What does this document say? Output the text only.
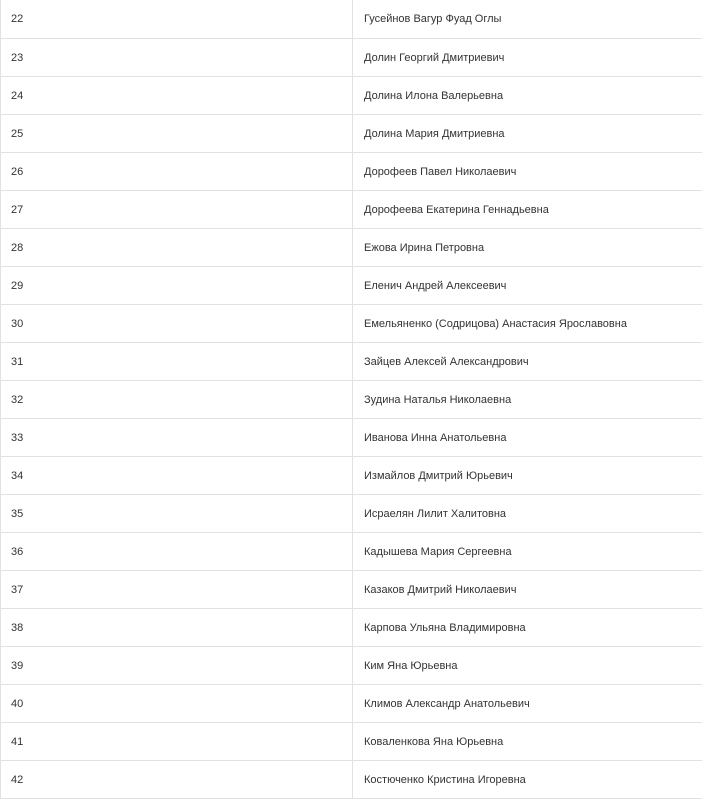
22	Гусейнов Вагур Фуад Оглы
23	Долин Георгий Дмитриевич
24	Долина Илона Валерьевна
25	Долина Мария Дмитриевна
26	Дорофеев Павел Николаевич
27	Дорофеева Екатерина Геннадьевна
28	Ежова Ирина Петровна
29	Еленич Андрей Алексеевич
30	Емельяненко (Содрицова) Анастасия Ярославовна
31	Зайцев Алексей Александрович
32	Зудина Наталья Николаевна
33	Иванова Инна Анатольевна
34	Измайлов Дмитрий Юрьевич
35	Исраелян Лилит Халитовна
36	Кадышева Мария Сергеевна
37	Казаков Дмитрий Николаевич
38	Карпова Ульяна Владимировна
39	Ким Яна Юрьевна
40	Климов Александр Анатольевич
41	Коваленкова Яна Юрьевна
42	Костюченко Кристина Игоревна
